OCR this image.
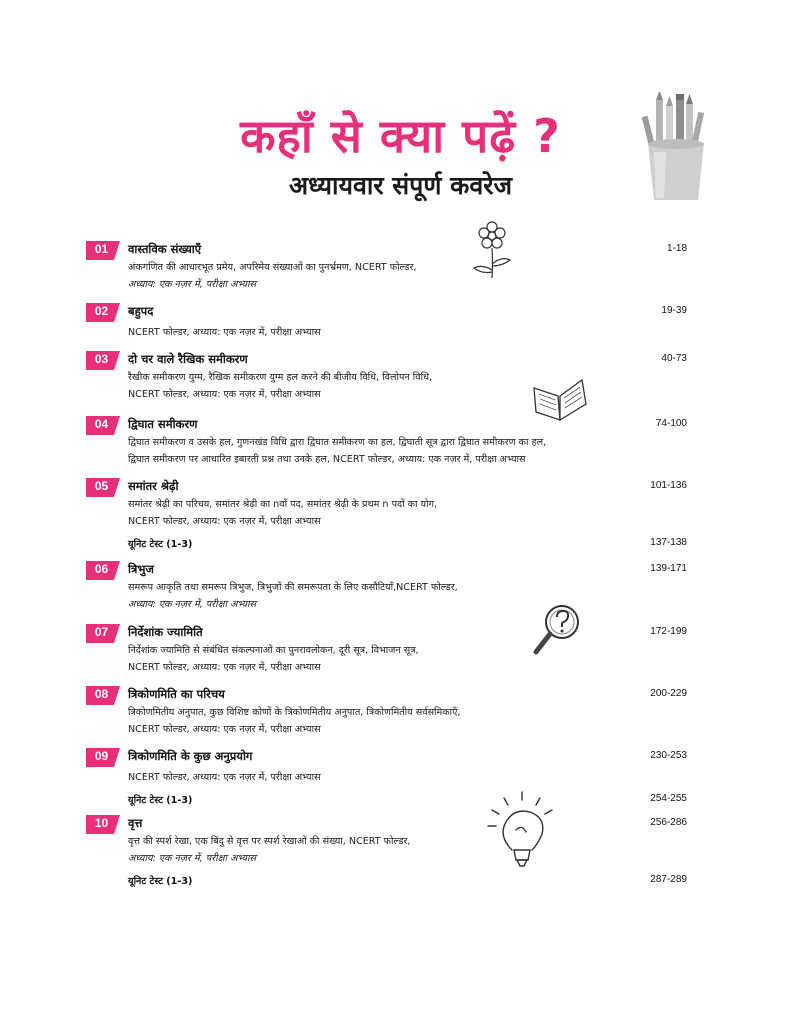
कहाँ से क्या पढ़ें ?
अध्यायवार संपूर्ण कवरेज
01	वास्तविक संख्याएँ	1-18
अंकगणित की आधारभूत प्रमेय, अपरिमेय संख्याओं का पुनर्भ्रमण, NCERT फोल्डर,
अध्याय: एक नज़र में, परीक्षा अभ्यास
02	बहुपद	19-39
NCERT फोल्डर, अध्याय: एक नज़र में, परीक्षा अभ्यास
03	दो चर वाले रैखिक समीकरण	40-73
रैखीक समीकरण युग्म, रैखिक समीकरण युग्म हल करने की बीजीय विधि, विलोपन विधि,
NCERT फोल्डर, अध्याय: एक नज़र में, परीक्षा अभ्यास
04	द्विघात समीकरण	74-100
द्विघात समीकरण व उसके हल, गुणनखंड विधि द्वारा द्विघात समीकरण का हल, द्विघाती सूत्र द्वारा द्विघात समीकरण का हल,
द्विघात समीकरण पर आधारित इबारती प्रश्न तथा उनके हल, NCERT फोल्डर, अध्याय: एक नज़र में, परीक्षा अभ्यास
05	समांतर श्रेढ़ी	101-136
समांतर श्रेढ़ी का परिचय, समांतर श्रेढ़ी का nवाँ पद, समांतर श्रेढ़ी के प्रथम n पदों का योग,
NCERT फोल्डर, अध्याय: एक नज़र में, परीक्षा अभ्यास
यूनिट टेस्ट (1-3)	137-138
06	त्रिभुज	139-171
समरूप आकृति तथा समरूप त्रिभुज, त्रिभुजों की समरूपता के लिए कसौटियाँ,NCERT फोल्डर,
अध्याय: एक नज़र में, परीक्षा अभ्यास
07	निर्देशांक ज्यामिति	172-199
निर्देशांक ज्यामिति से संबंधित संकल्पनाओं का पुनरावलोकन, दूरी सूत्र, विभाजन सूत्र,
NCERT फोल्डर, अध्याय: एक नज़र में, परीक्षा अभ्यास
08	त्रिकोणमिति का परिचय	200-229
त्रिकोणमितीय अनुपात, कुछ विशिष्ट कोणों के त्रिकोणमितीय अनुपात, त्रिकोणमितीय सर्वसमिकाएँ,
NCERT फोल्डर, अध्याय: एक नज़र में, परीक्षा अभ्यास
09	त्रिकोणमिति के कुछ अनुप्रयोग	230-253
NCERT फोल्डर, अध्याय: एक नज़र में, परीक्षा अभ्यास
यूनिट टेस्ट (1-3)	254-255
10	वृत्त	256-286
वृत्त की स्पर्श रेखा, एक बिंदु से वृत्त पर स्पर्श रेखाओं की संख्या, NCERT फोल्डर,
अध्याय: एक नज़र में, परीक्षा अभ्यास
यूनिट टेस्ट (1-3)	287-289
